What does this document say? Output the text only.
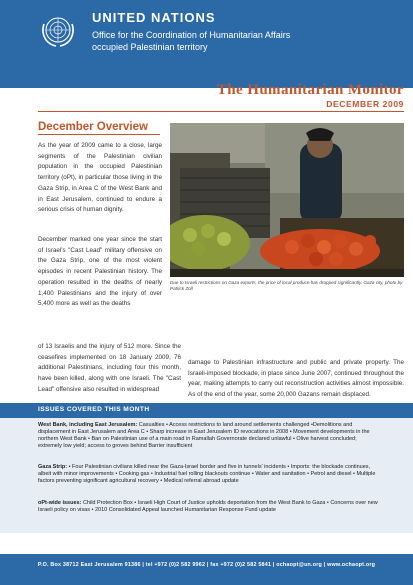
UNITED NATIONS
Office for the Coordination of Humanitarian Affairs
occupied Palestinian territory
The Humanitarian Monitor
DECEMBER 2009
December Overview

As the year of 2009 came to a close, large segments of the Palestinian civilian population in the occupied Palestinian territory (oPt), in particular those living in the Gaza Strip, in Area C of the West Bank and in East Jerusalem, continued to endure a serious crisis of human dignity.

December marked one year since the start of Israel's "Cast Lead" military offensive on the Gaza Strip, one of the most violent episodes in recent Palestinian history. The operation resulted in the deaths of nearly 1,400 Palestinians and the injury of over 5,400 more as well as the deaths

of 13 Israelis and the injury of 512 more. Since the ceasefires implemented on 18 January 2009, 76 additional Palestinians, including four this month, have been killed, along with one Israeli. The "Cast Lead" offensive also resulted in widespread

damage to Palestinian infrastructure and public and private property. The Israeli-imposed blockade, in place since June 2007, continued throughout the year, making attempts to carry out reconstruction activities almost impossible. As of the end of the year, some 20,000 Gazans remain displaced.

Due to Israeli restrictions on Gaza exports, the price of local produce has dropped significantly. Gaza city, photo by Patrick Zoll
ISSUES COVERED THIS MONTH
West Bank, including East Jerusalem: Casualties • Access restrictions to land around settlements challenged •Demolitions and displacement in East Jerusalem and Area C • Sharp increase in East Jerusalem ID revocations in 2008 • Movement developments in the northern West Bank • Ban on Palestinian use of a main road in Ramallah Governorate declared unlawful • Olive harvest concluded; extremely low yield; access to groves behind Barrier insufficient
Gaza Strip: • Four Palestinian civilians killed near the Gaza-Israel border and five in tunnels' incidents • Imports: the blockade continues, albeit with minor improvements • Cooking gas • Industrial fuel rolling blackouts continue • Water and sanitation • Petrol and diesel • Multiple factors preventing significant agricultural recovery • Medical referral abroad update
oPt-wide issues: Child Protection Box • Israeli High Court of Justice upholds deportation from the West Bank to Gaza • Concerns over new Israeli policy on visas • 2010 Consolidated Appeal launched Humanitarian Response Fund update
P.O. Box 38712 East Jerusalem 91386 | tel +972 (0)2 582 9962 | fax +972 (0)2 582 5841 | ochaopt@un.org | www.ochaopt.org
